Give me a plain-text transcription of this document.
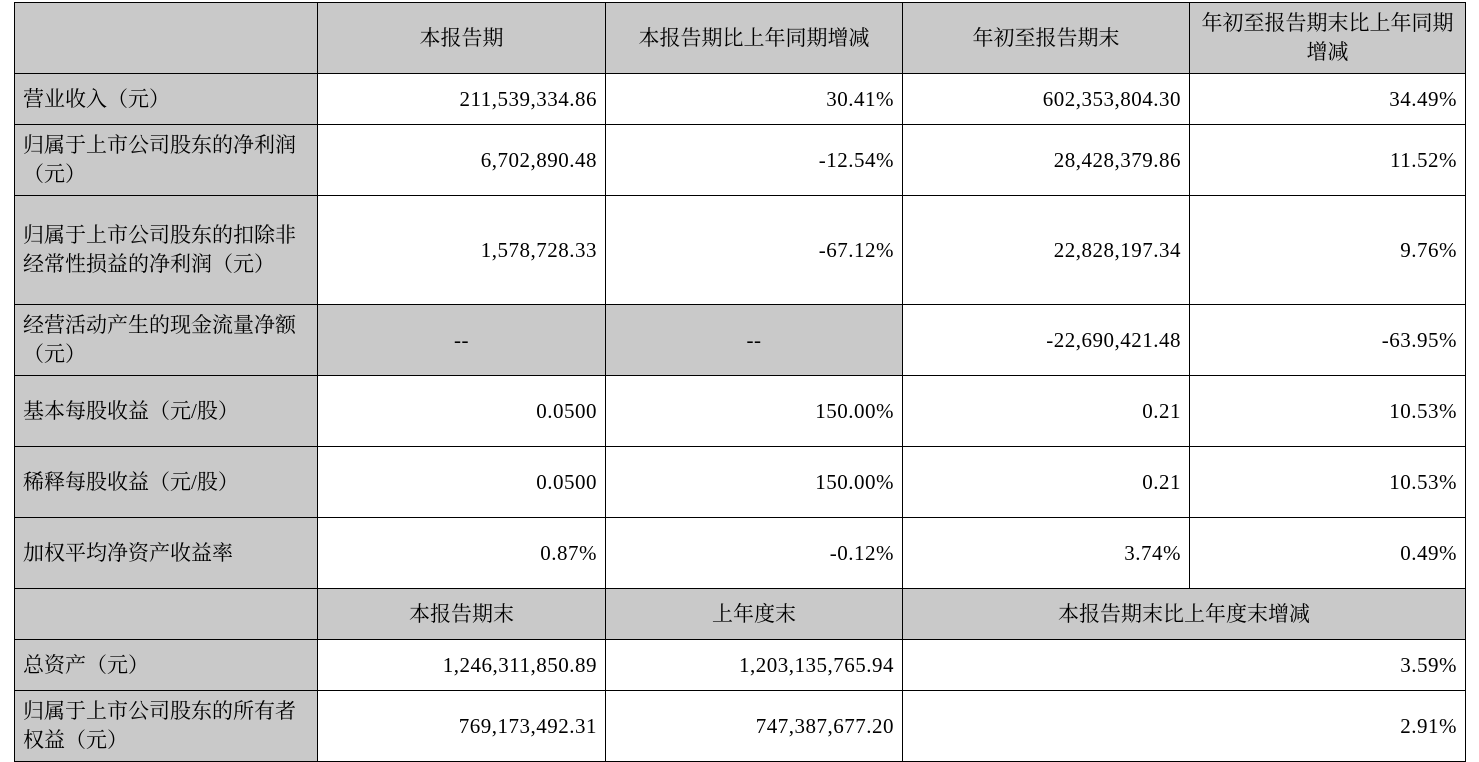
	本报告期	本报告期比上年同期增减	年初至报告期末	年初至报告期末比上年同期增减
营业收入（元）	211,539,334.86	30.41%	602,353,804.30	34.49%
归属于上市公司股东的净利润（元）	6,702,890.48	-12.54%	28,428,379.86	11.52%
归属于上市公司股东的扣除非经常性损益的净利润（元）	1,578,728.33	-67.12%	22,828,197.34	9.76%
经营活动产生的现金流量净额（元）	--	--	-22,690,421.48	-63.95%
基本每股收益（元/股）	0.0500	150.00%	0.21	10.53%
稀释每股收益（元/股）	0.0500	150.00%	0.21	10.53%
加权平均净资产收益率	0.87%	-0.12%	3.74%	0.49%
	本报告期末	上年度末	本报告期末比上年度末增减	
总资产（元）	1,246,311,850.89	1,203,135,765.94	3.59%	
归属于上市公司股东的所有者权益（元）	769,173,492.31	747,387,677.20	2.91%	
